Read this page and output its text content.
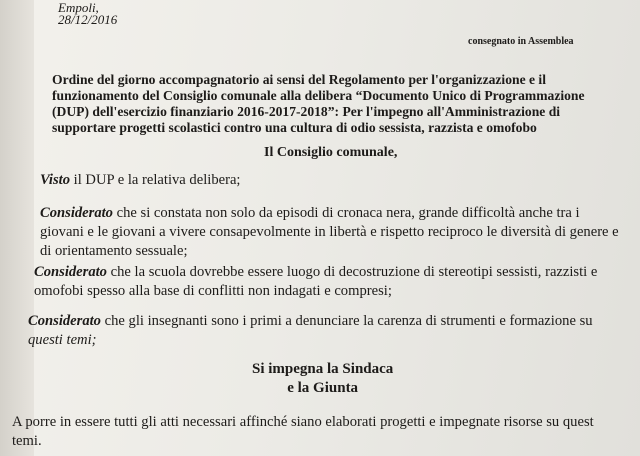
Empoli,
28/12/2016
consegnato in Assemblea
Ordine del giorno accompagnatorio ai sensi del Regolamento per l'organizzazione e il
funzionamento del Consiglio comunale alla delibera “Documento Unico di Programmazione
(DUP) dell'esercizio finanziario 2016-2017-2018”: Per l'impegno all'Amministrazione di
supportare progetti scolastici contro una cultura di odio sessista, razzista e omofobo
Il Consiglio comunale,
Visto il DUP e la relativa delibera;
Considerato che si constata non solo da episodi di cronaca nera, grande difficoltà anche tra i
giovani e le giovani a vivere consapevolmente in libertà e rispetto reciproco le diversità di genere e
di orientamento sessuale;
Considerato che la scuola dovrebbe essere luogo di decostruzione di stereotipi sessisti, razzisti e
omofobi spesso alla base di conflitti non indagati e compresi;
Considerato che gli insegnanti sono i primi a denunciare la carenza di strumenti e formazione su
questi temi;
Si impegna la Sindaca
e la Giunta
A porre in essere tutti gli atti necessari affinché siano elaborati progetti e impegnate risorse su quest
temi.
